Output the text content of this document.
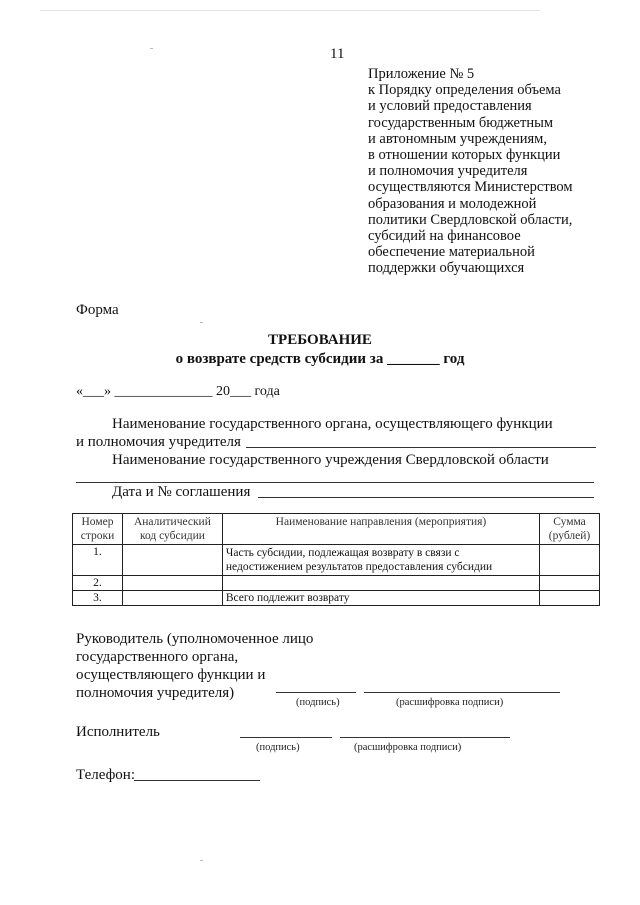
11
Приложение № 5
к Порядку определения объема
и условий предоставления
государственным бюджетным
и автономным учреждениям,
в отношении которых функции
и полномочия учредителя
осуществляются Министерством
образования и молодежной
политики Свердловской области,
субсидий на финансовое
обеспечение материальной
поддержки обучающихся
Форма
ТРЕБОВАНИЕ
о возврате средств субсидии за _______ год
«___» ______________ 20___ года
Наименование государственного органа, осуществляющего функции
и полномочия учредителя
Наименование государственного учреждения Свердловской области
Дата и № соглашения
Номер строки	Аналитический код субсидии	Наименование направления (мероприятия)	Сумма (рублей)
1.		Часть субсидии, подлежащая возврату в связи с недостижением результатов предоставления субсидии	
2.			
3.		Всего подлежит возврату	
Руководитель (уполномоченное лицо
государственного органа,
осуществляющего функции и
полномочия учредителя)
(подпись)	(расшифровка подписи)
Исполнитель
(подпись)	(расшифровка подписи)
Телефон:
